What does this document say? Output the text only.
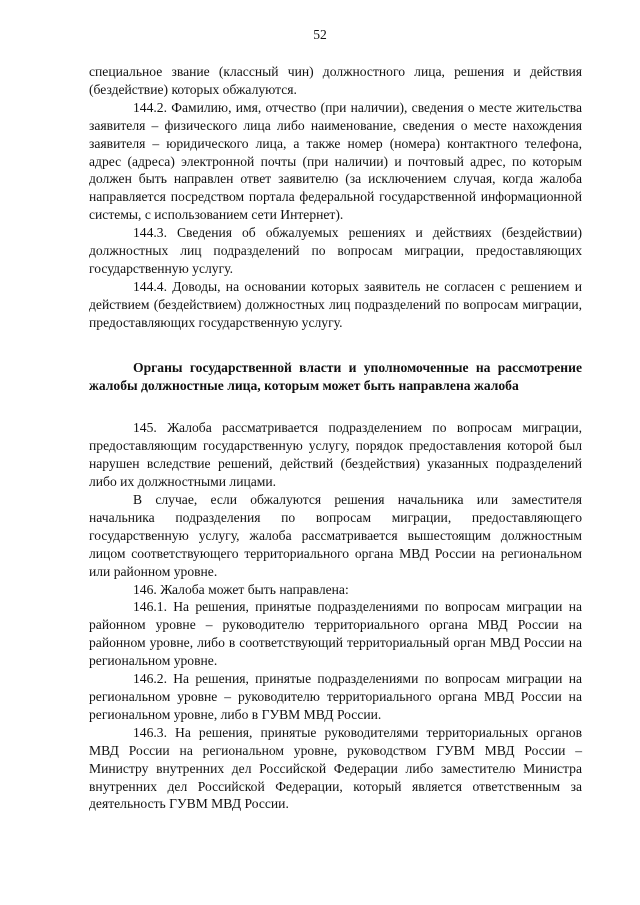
52

специальное звание (классный чин) должностного лица, решения и действия (бездействие) которых обжалуются.

144.2. Фамилию, имя, отчество (при наличии), сведения о месте жительства заявителя – физического лица либо наименование, сведения о месте нахождения заявителя – юридического лица, а также номер (номера) контактного телефона, адрес (адреса) электронной почты (при наличии) и почтовый адрес, по которым должен быть направлен ответ заявителю (за исключением случая, когда жалоба направляется посредством портала федеральной государственной информационной системы, с использованием сети Интернет).

144.3. Сведения об обжалуемых решениях и действиях (бездействии) должностных лиц подразделений по вопросам миграции, предоставляющих государственную услугу.

144.4. Доводы, на основании которых заявитель не согласен с решением и действием (бездействием) должностных лиц подразделений по вопросам миграции, предоставляющих государственную услугу.

Органы государственной власти и уполномоченные на рассмотрение жалобы должностные лица, которым может быть направлена жалоба

145. Жалоба рассматривается подразделением по вопросам миграции, предоставляющим государственную услугу, порядок предоставления которой был нарушен вследствие решений, действий (бездействия) указанных подразделений либо их должностными лицами.

В случае, если обжалуются решения начальника или заместителя начальника подразделения по вопросам миграции, предоставляющего государственную услугу, жалоба рассматривается вышестоящим должностным лицом соответствующего территориального органа МВД России на региональном или районном уровне.

146. Жалоба может быть направлена:

146.1. На решения, принятые подразделениями по вопросам миграции на районном уровне – руководителю территориального органа МВД России на районном уровне, либо в соответствующий территориальный орган МВД России на региональном уровне.

146.2. На решения, принятые подразделениями по вопросам миграции на региональном уровне – руководителю территориального органа МВД России на региональном уровне, либо в ГУВМ МВД России.

146.3. На решения, принятые руководителями территориальных органов МВД России на региональном уровне, руководством ГУВМ МВД России – Министру внутренних дел Российской Федерации либо заместителю Министра внутренних дел Российской Федерации, который является ответственным за деятельность ГУВМ МВД России.
